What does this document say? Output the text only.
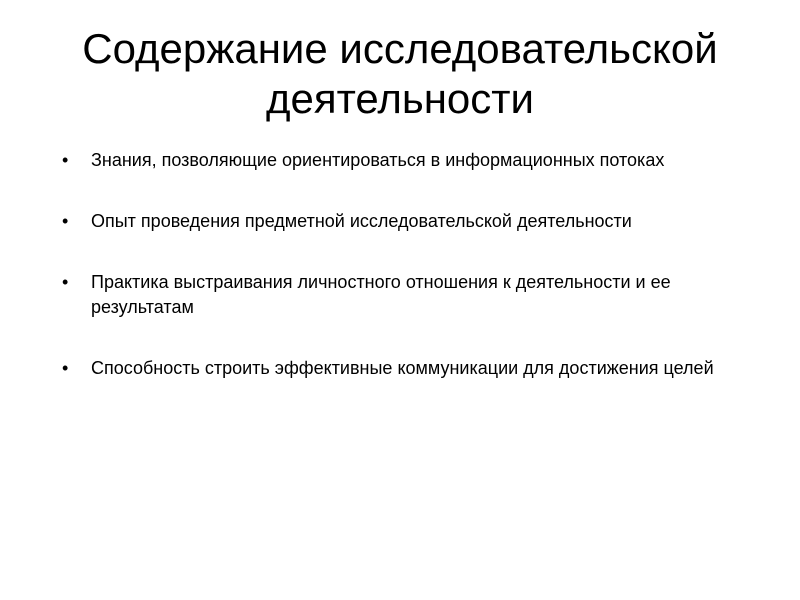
Содержание исследовательской деятельности
• Знания, позволяющие ориентироваться в информационных потоках
• Опыт проведения предметной исследовательской деятельности
• Практика выстраивания личностного отношения к деятельности и ее результатам
• Способность строить эффективные коммуникации для достижения целей
